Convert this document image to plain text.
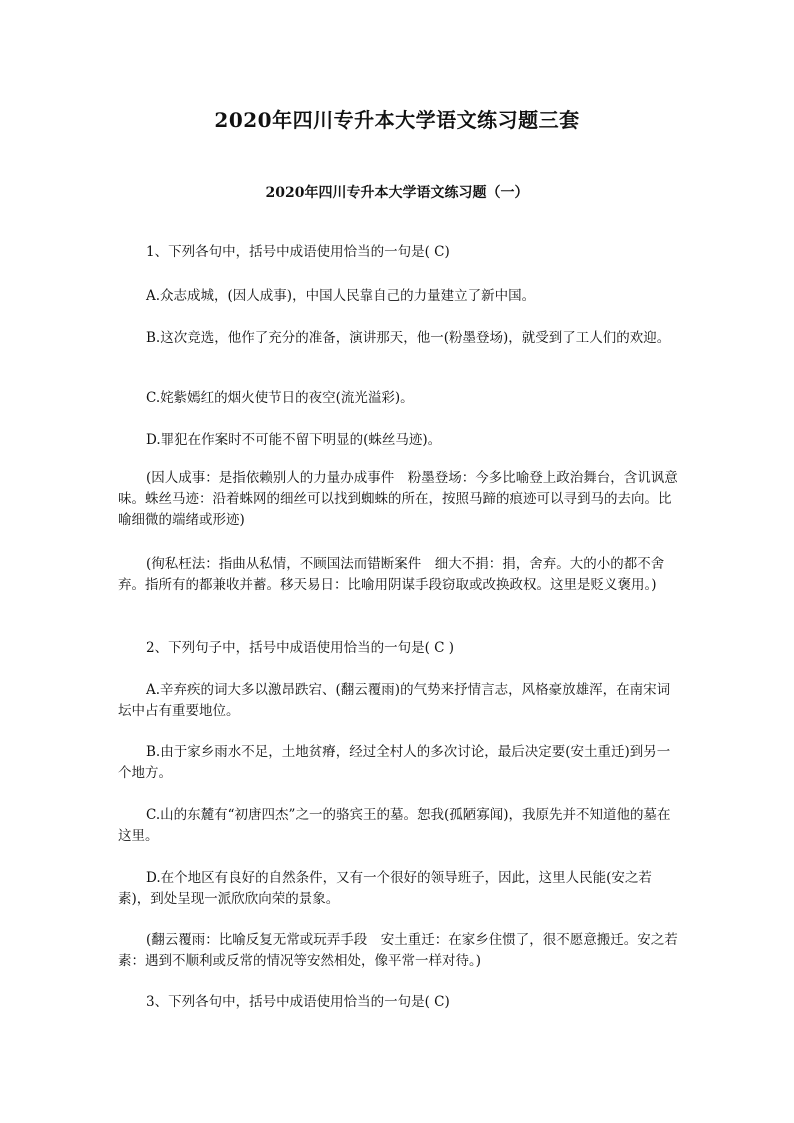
2020年四川专升本大学语文练习题三套
2020年四川专升本大学语文练习题（一）

1、下列各句中，括号中成语使用恰当的一句是( C)

A.众志成城，(因人成事)，中国人民靠自己的力量建立了新中国。

B.这次竞选，他作了充分的准备，演讲那天，他一(粉墨登场)，就受到了工人们的欢迎。

C.姹紫嫣红的烟火使节日的夜空(流光溢彩)。

D.罪犯在作案时不可能不留下明显的(蛛丝马迹)。

(因人成事：是指依赖别人的力量办成事件　粉墨登场：今多比喻登上政治舞台，含讥讽意味。蛛丝马迹：沿着蛛网的细丝可以找到蜘蛛的所在，按照马蹄的痕迹可以寻到马的去向。比喻细微的端绪或形迹)

(徇私枉法：指曲从私情，不顾国法而错断案件　细大不捐：捐，舍弃。大的小的都不舍弃。指所有的都兼收并蓄。移天易日：比喻用阴谋手段窃取或改换政权。这里是贬义褒用。)

2、下列句子中，括号中成语使用恰当的一句是( C )

A.辛弃疾的词大多以激昂跌宕、(翻云覆雨)的气势来抒情言志，风格豪放雄浑，在南宋词坛中占有重要地位。

B.由于家乡雨水不足，土地贫瘠，经过全村人的多次讨论，最后决定要(安土重迁)到另一个地方。

C.山的东麓有“初唐四杰”之一的骆宾王的墓。恕我(孤陋寡闻)，我原先并不知道他的墓在这里。

D.在个地区有良好的自然条件，又有一个很好的领导班子，因此，这里人民能(安之若素)，到处呈现一派欣欣向荣的景象。

(翻云覆雨：比喻反复无常或玩弄手段　安土重迁：在家乡住惯了，很不愿意搬迁。安之若素：遇到不顺利或反常的情况等安然相处，像平常一样对待。)

3、下列各句中，括号中成语使用恰当的一句是( C)
